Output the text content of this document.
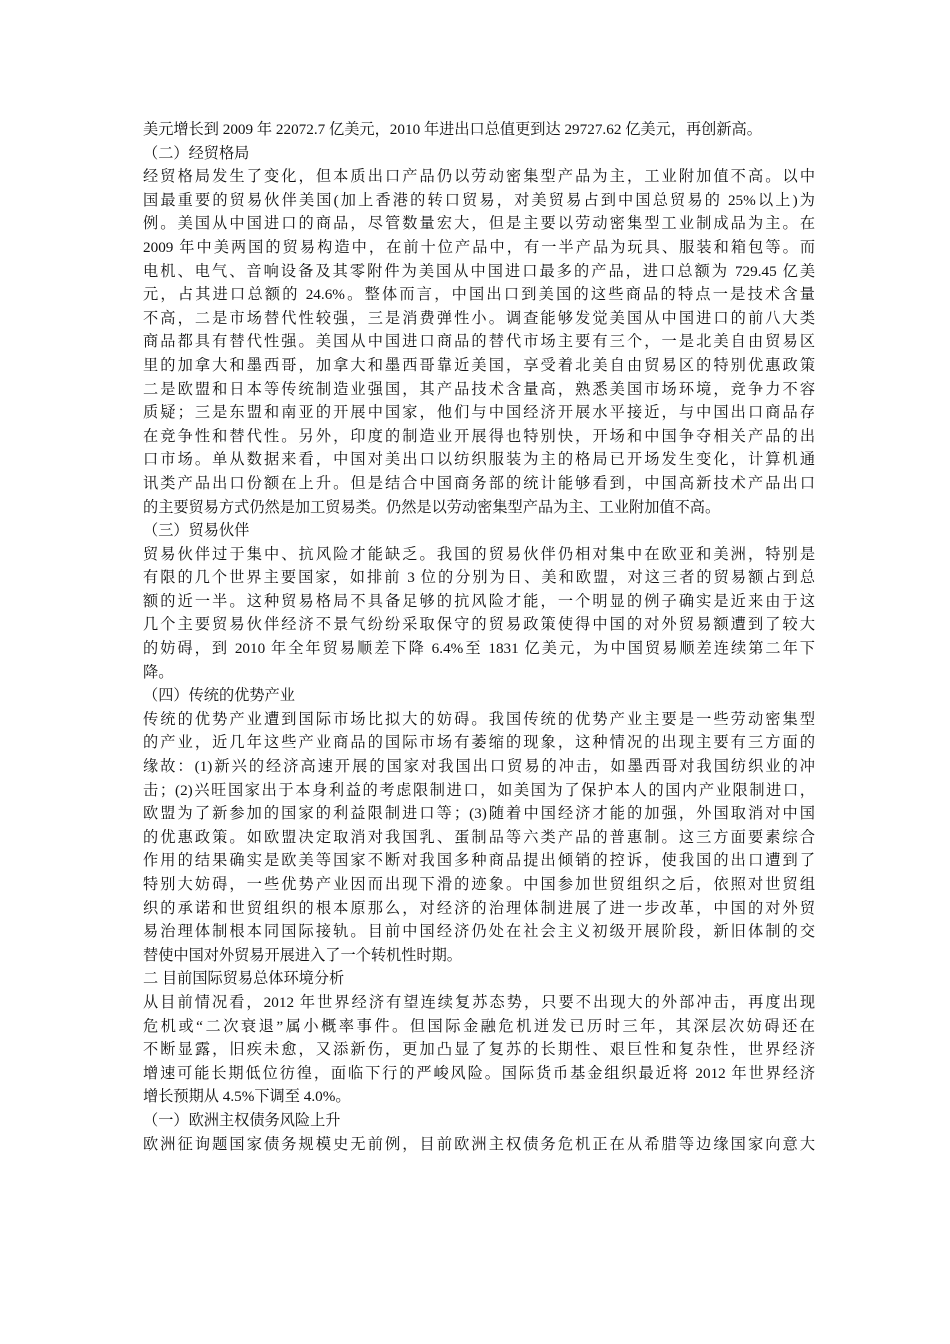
美元增长到 2009 年 22072.7 亿美元，2010 年进出口总值更到达 29727.62 亿美元，再创新高。
（二）经贸格局
经贸格局发生了变化，但本质出口产品仍以劳动密集型产品为主，工业附加值不高。以中
国最重要的贸易伙伴美国(加上香港的转口贸易，对美贸易占到中国总贸易的 25%以上)为
例。美国从中国进口的商品，尽管数量宏大，但是主要以劳动密集型工业制成品为主。在
2009 年中美两国的贸易构造中，在前十位产品中，有一半产品为玩具、服装和箱包等。而
电机、电气、音响设备及其零附件为美国从中国进口最多的产品，进口总额为 729.45 亿美
元，占其进口总额的 24.6%。整体而言，中国出口到美国的这些商品的特点一是技术含量
不高，二是市场替代性较强，三是消费弹性小。调查能够发觉美国从中国进口的前八大类
商品都具有替代性强。美国从中国进口商品的替代市场主要有三个，一是北美自由贸易区
里的加拿大和墨西哥，加拿大和墨西哥靠近美国，享受着北美自由贸易区的特别优惠政策
二是欧盟和日本等传统制造业强国，其产品技术含量高，熟悉美国市场环境，竞争力不容
质疑；三是东盟和南亚的开展中国家，他们与中国经济开展水平接近，与中国出口商品存
在竞争性和替代性。另外，印度的制造业开展得也特别快，开场和中国争夺相关产品的出
口市场。单从数据来看，中国对美出口以纺织服装为主的格局已开场发生变化，计算机通
讯类产品出口份额在上升。但是结合中国商务部的统计能够看到，中国高新技术产品出口
的主要贸易方式仍然是加工贸易类。仍然是以劳动密集型产品为主、工业附加值不高。
（三）贸易伙伴
贸易伙伴过于集中、抗风险才能缺乏。我国的贸易伙伴仍相对集中在欧亚和美洲，特别是
有限的几个世界主要国家，如排前 3 位的分别为日、美和欧盟，对这三者的贸易额占到总
额的近一半。这种贸易格局不具备足够的抗风险才能，一个明显的例子确实是近来由于这
几个主要贸易伙伴经济不景气纷纷采取保守的贸易政策使得中国的对外贸易额遭到了较大
的妨碍，到 2010 年全年贸易顺差下降 6.4%至 1831 亿美元，为中国贸易顺差连续第二年下
降。
（四）传统的优势产业
传统的优势产业遭到国际市场比拟大的妨碍。我国传统的优势产业主要是一些劳动密集型
的产业，近几年这些产业商品的国际市场有萎缩的现象，这种情况的出现主要有三方面的
缘故：(1)新兴的经济高速开展的国家对我国出口贸易的冲击，如墨西哥对我国纺织业的冲
击；(2)兴旺国家出于本身利益的考虑限制进口，如美国为了保护本人的国内产业限制进口，
欧盟为了新参加的国家的利益限制进口等；(3)随着中国经济才能的加强，外国取消对中国
的优惠政策。如欧盟决定取消对我国乳、蛋制品等六类产品的普惠制。这三方面要素综合
作用的结果确实是欧美等国家不断对我国多种商品提出倾销的控诉，使我国的出口遭到了
特别大妨碍，一些优势产业因而出现下滑的迹象。中国参加世贸组织之后，依照对世贸组
织的承诺和世贸组织的根本原那么，对经济的治理体制进展了进一步改革，中国的对外贸
易治理体制根本同国际接轨。目前中国经济仍处在社会主义初级开展阶段，新旧体制的交
替使中国对外贸易开展进入了一个转机性时期。
二 目前国际贸易总体环境分析
从目前情况看，2012 年世界经济有望连续复苏态势，只要不出现大的外部冲击，再度出现
危机或“二次衰退”属小概率事件。但国际金融危机迸发已历时三年，其深层次妨碍还在
不断显露，旧疾未愈，又添新伤，更加凸显了复苏的长期性、艰巨性和复杂性，世界经济
增速可能长期低位彷徨，面临下行的严峻风险。国际货币基金组织最近将 2012 年世界经济
增长预期从 4.5%下调至 4.0%。
（一）欧洲主权债务风险上升
欧洲征询题国家债务规模史无前例，目前欧洲主权债务危机正在从希腊等边缘国家向意大
